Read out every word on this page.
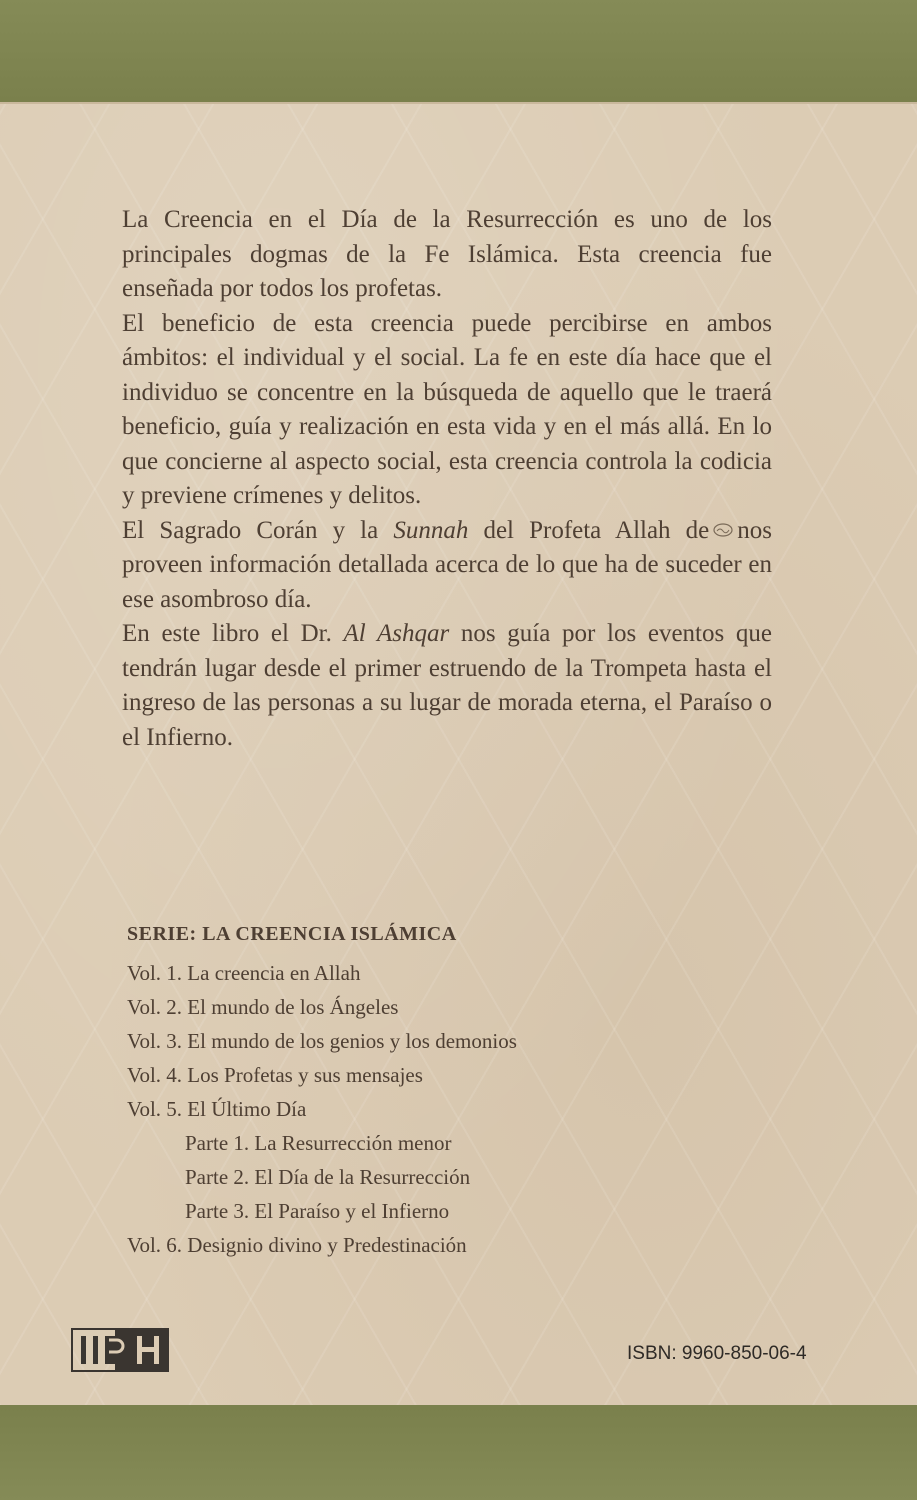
La Creencia en el Día de la Resurrección es uno de los principales dogmas de la Fe Islámica. Esta creencia fue enseñada por todos los profetas.

El beneficio de esta creencia puede percibirse en ambos ámbitos: el individual y el social. La fe en este día hace que el individuo se concentre en la búsqueda de aquello que le traerá beneficio, guía y realización en esta vida y en el más allá. En lo que concierne al aspecto social, esta creencia controla la codicia y previene crímenes y delitos.

El Sagrado Corán y la Sunnah del Profeta Allah de nos proveen información detallada acerca de lo que ha de suceder en ese asombroso día.

En este libro el Dr. Al Ashqar nos guía por los eventos que tendrán lugar desde el primer estruendo de la Trompeta hasta el ingreso de las personas a su lugar de morada eterna, el Paraíso o el Infierno.

SERIE: LA CREENCIA ISLÁMICA
Vol. 1. La creencia en Allah
Vol. 2. El mundo de los Ángeles
Vol. 3. El mundo de los genios y los demonios
Vol. 4. Los Profetas y sus mensajes
Vol. 5. El Último Día
Parte 1. La Resurrección menor
Parte 2. El Día de la Resurrección
Parte 3. El Paraíso y el Infierno
Vol. 6. Designio divino y Predestinación
ISBN: 9960-850-06-4
